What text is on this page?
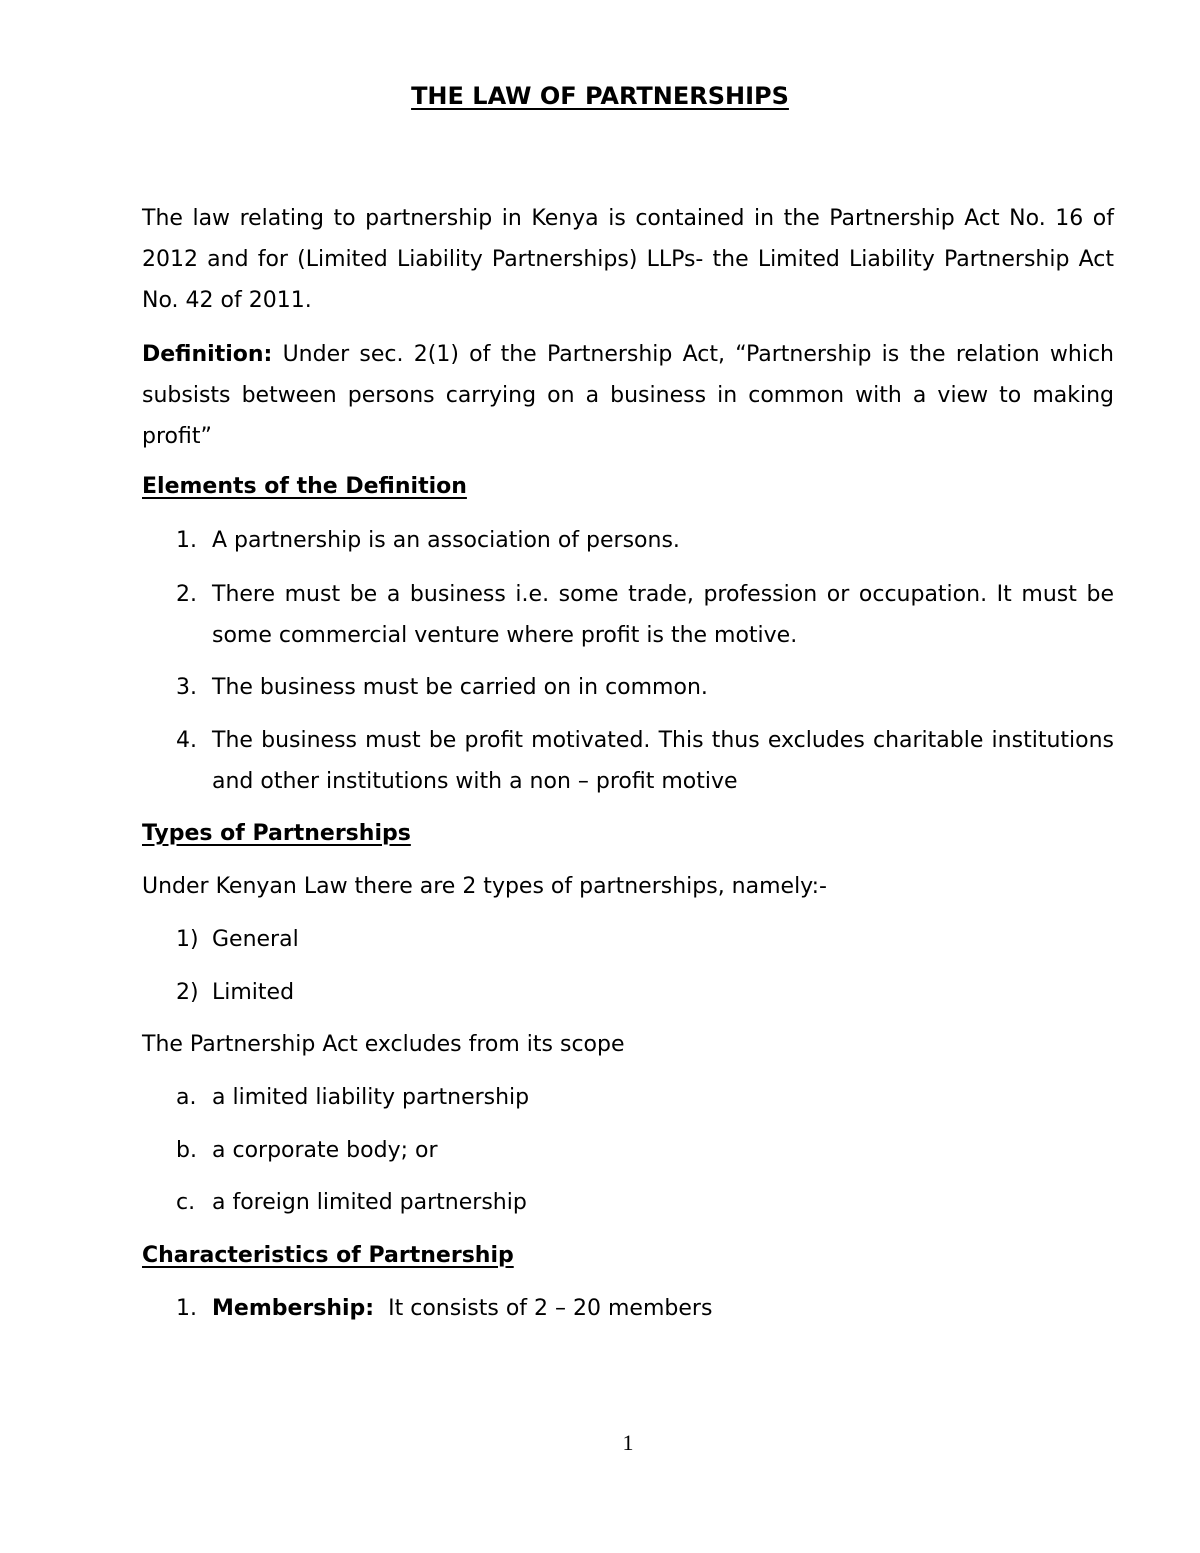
THE LAW OF PARTNERSHIPS
The law relating to partnership in Kenya is contained in the Partnership Act No. 16 of 2012 and for (Limited Liability Partnerships) LLPs- the Limited Liability Partnership Act No. 42 of 2011.
Definition: Under sec. 2(1) of the Partnership Act, “Partnership is the relation which subsists between persons carrying on a business in common with a view to making profit”
Elements of the Definition
1. A partnership is an association of persons.
2. There must be a business i.e. some trade, profession or occupation. It must be some commercial venture where profit is the motive.
3. The business must be carried on in common.
4. The business must be profit motivated. This thus excludes charitable institutions and other institutions with a non – profit motive
Types of Partnerships
Under Kenyan Law there are 2 types of partnerships, namely:-
1) General
2) Limited
The Partnership Act excludes from its scope
a. a limited liability partnership
b. a corporate body; or
c. a foreign limited partnership
Characteristics of Partnership
1. Membership: It consists of 2 – 20 members
1
